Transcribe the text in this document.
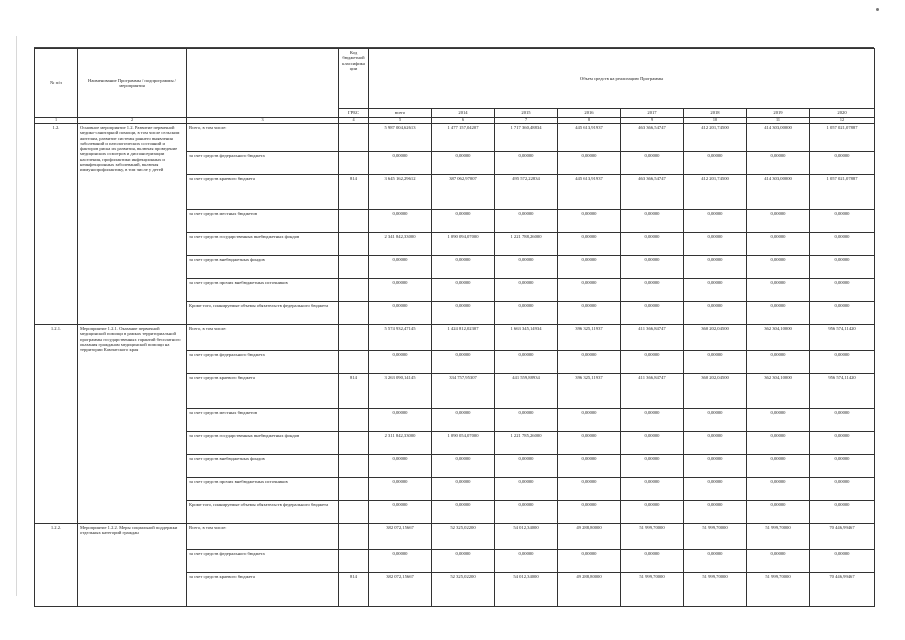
№ п/п	Наименование Программы / подпрограммы / мероприятия		Код бюджетной классифика ции	Объем средств на реализацию Программы							
			ГРБС	всего	2014	2015	2016	2017	2018	2019	2020
1	2	3	4	5	6	7	8	9	10	11	12
1.2.	Основное мероприятие 1.2. Развитие первичной медико-санитарной помощи, в том числе сельским жителям, развитие системы раннего выявления заболеваний и патологических состояний и факторов риска их развития, включая проведение медицинских осмотров и диспансеризации населения, профилактики инфекционных и неинфекционных заболеваний, включая иммунопрофилактику, в том числе у детей	Всего, в том числе:		5 987 004,62613	1 477 157,04207	1 717 360,48834	445 613,91937	463 366,54747	412 201,74500	414 303,00000	1 057 021,07887
		за счет средств федерального бюджета		0,00000	0,00000	0,00000	0,00000	0,00000	0,00000	0,00000	0,00000
		за счет средств краевого бюджета	814	3 645 162,29612	387 062,97007	495 572,22834	445 613,91937	463 366,54747	412 201,74500	414 303,00000	1 057 021,07887
		за счет средств местных бюджетов		0,00000	0,00000	0,00000	0,00000	0,00000	0,00000	0,00000	0,00000
		за счет средств государственных внебюджетных фондов		2 341 842,33000	1 090 094,07000	1 221 788,26000	0,00000	0,00000	0,00000	0,00000	0,00000
		за счет средств внебюджетных фондов		0,00000	0,00000	0,00000	0,00000	0,00000	0,00000	0,00000	0,00000
		за счет средств прочих внебюджетных источников		0,00000	0,00000	0,00000	0,00000	0,00000	0,00000	0,00000	0,00000
		Кроме того, планируемые объемы обязательств федерального бюджета		0,00000	0,00000	0,00000	0,00000	0,00000	0,00000	0,00000	0,00000
1.2.1.	Мероприятие 1.2.1. Оказание первичной медицинской помощи в рамках территориальной программы государственных гарантий бесплатного оказания гражданам медицинской помощи на территории Камчатского края	Всего, в том числе:		5 574 932,47145	1 424 812,02307	1 663 345,14934	396 325,11937	411 366,84747	360 202,04500	362 304,10000	956 574,11420
		за счет средств федерального бюджета		0,00000	0,00000	0,00000	0,00000	0,00000	0,00000	0,00000	0,00000
		за счет средств краевого бюджета	814	3 263 090,14145	334 757,95307	441 559,88934	396 325,11937	411 366,84747	360 202,04500	362 304,10000	956 574,11420
		за счет средств местных бюджетов		0,00000	0,00000	0,00000	0,00000	0,00000	0,00000	0,00000	0,00000
		за счет средств государственных внебюджетных фондов		2 311 842,33000	1 090 054,07000	1 221 785,26000	0,00000	0,00000	0,00000	0,00000	0,00000
		за счет средств внебюджетных фондов		0,00000	0,00000	0,00000	0,00000	0,00000	0,00000	0,00000	0,00000
		за счет средств прочих внебюджетных источников		0,00000	0,00000	0,00000	0,00000	0,00000	0,00000	0,00000	0,00000
		Кроме того, планируемые объемы обязательств федерального бюджета		0,00000	0,00000	0,00000	0,00000	0,00000	0,00000	0,00000	0,00000
1.2.2.	Мероприятие 1.2.2. Меры социальной поддержки отдельных категорий граждан	Всего, в том числе:		382 072,15667	52 325,02200	54 012,34000	49 288,80000	51 999,70000	51 999,70000	51 999,70000	70 446,99467
		за счет средств федерального бюджета		0,00000	0,00000	0,00000	0,00000	0,00000	0,00000	0,00000	0,00000
		за счет средств краевого бюджета	814	382 072,15667	52 325,02200	54 012,34000	49 288,80000	51 999,70000	51 999,70000	51 999,70000	70 446,99467
